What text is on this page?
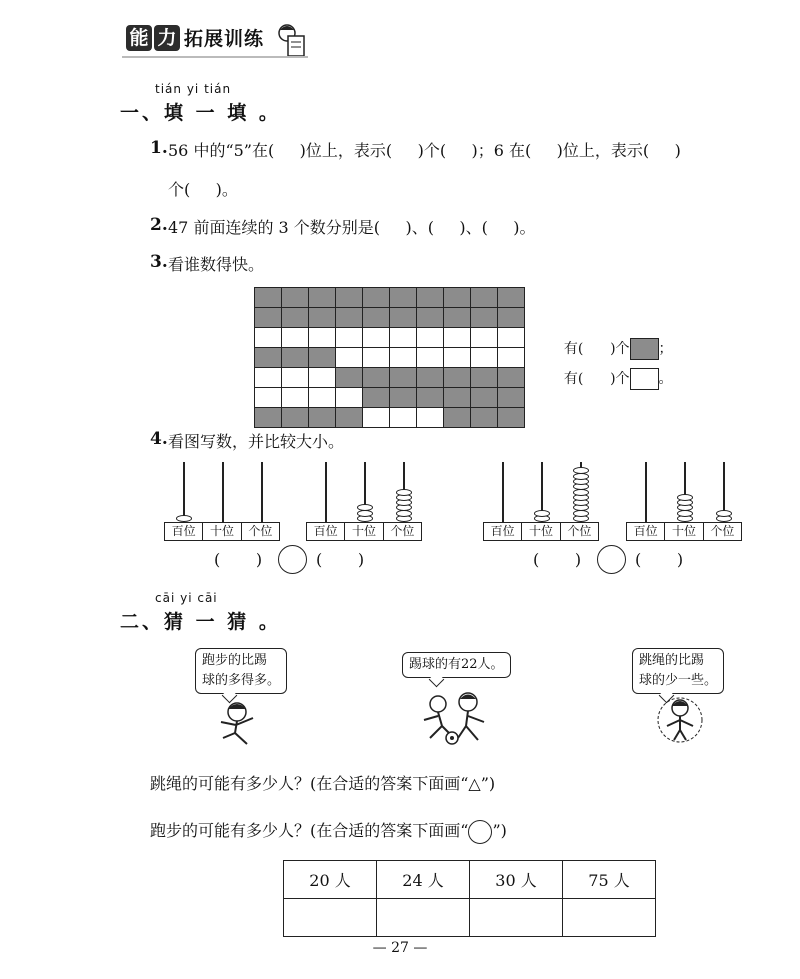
能 力 拓展训练
tián yi tián
一、填 一 填 。
1. 56 中的“5”在(     )位上，表示(     )个(     )；6 在(     )位上，表示(     )
个(     )。
2. 47 前面连续的 3 个数分别是(     )、(     )、(     )。
3. 看谁数得快。

有(      )个 ；

有(      )个 。

4. 看图写数，并比较大小。
百位	十位	个位	百位	十位	个位	百位	十位	个位	百位	十位	个位
(       )	(       )	(       )	(       )
cāi yi cāi
二、猜 一 猜 。
跑步的比踢
球的多得多。
踢球的有22人。	跳绳的比踢
球的少一些。
跳绳的可能有多少人？(在合适的答案下面画“△”)
跑步的可能有多少人？(在合适的答案下面画“ ”)
20 人	24 人	30 人	75 人

— 27 —
